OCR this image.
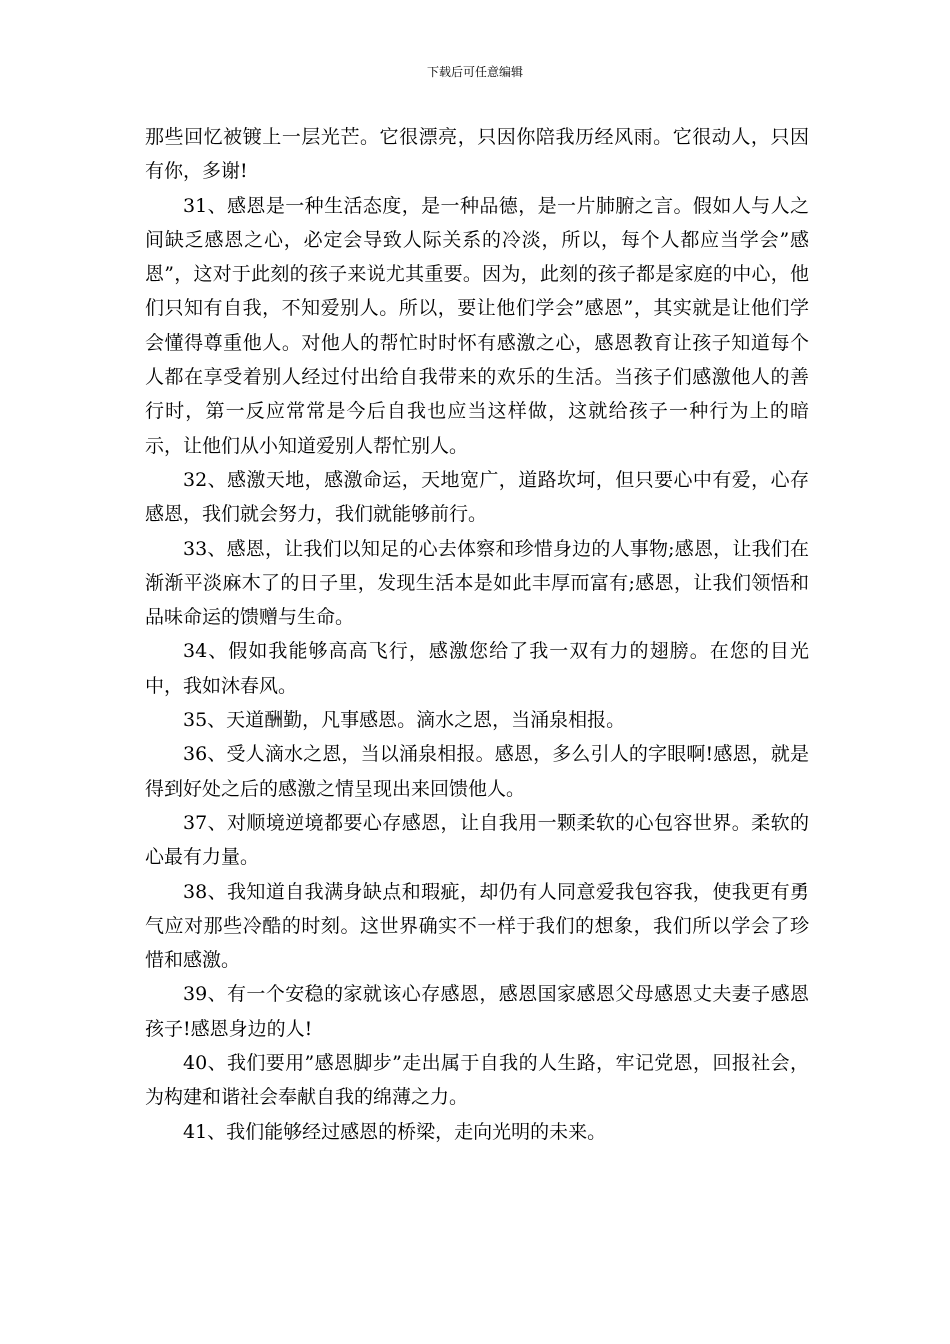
下载后可任意编辑

那些回忆被镀上一层光芒。它很漂亮，只因你陪我历经风雨。它很动人，只因有你，多谢!

31、感恩是一种生活态度，是一种品德，是一片肺腑之言。假如人与人之间缺乏感恩之心，必定会导致人际关系的冷淡，所以，每个人都应当学会”感恩”，这对于此刻的孩子来说尤其重要。因为，此刻的孩子都是家庭的中心，他们只知有自我，不知爱别人。所以，要让他们学会”感恩”，其实就是让他们学会懂得尊重他人。对他人的帮忙时时怀有感激之心，感恩教育让孩子知道每个人都在享受着别人经过付出给自我带来的欢乐的生活。当孩子们感激他人的善行时，第一反应常常是今后自我也应当这样做，这就给孩子一种行为上的暗示，让他们从小知道爱别人帮忙别人。

32、感激天地，感激命运，天地宽广，道路坎坷，但只要心中有爱，心存感恩，我们就会努力，我们就能够前行。

33、感恩，让我们以知足的心去体察和珍惜身边的人事物;感恩，让我们在渐渐平淡麻木了的日子里，发现生活本是如此丰厚而富有;感恩，让我们领悟和品味命运的馈赠与生命。

34、假如我能够高高飞行，感激您给了我一双有力的翅膀。在您的目光中，我如沐春风。

35、天道酬勤，凡事感恩。滴水之恩，当涌泉相报。

36、受人滴水之恩，当以涌泉相报。感恩，多么引人的字眼啊!感恩，就是得到好处之后的感激之情呈现出来回馈他人。

37、对顺境逆境都要心存感恩，让自我用一颗柔软的心包容世界。柔软的心最有力量。

38、我知道自我满身缺点和瑕疵，却仍有人同意爱我包容我，使我更有勇气应对那些冷酷的时刻。这世界确实不一样于我们的想象，我们所以学会了珍惜和感激。

39、有一个安稳的家就该心存感恩，感恩国家感恩父母感恩丈夫妻子感恩孩子!感恩身边的人!

40、我们要用”感恩脚步”走出属于自我的人生路，牢记党恩，回报社会，为构建和谐社会奉献自我的绵薄之力。

41、我们能够经过感恩的桥梁，走向光明的未来。
